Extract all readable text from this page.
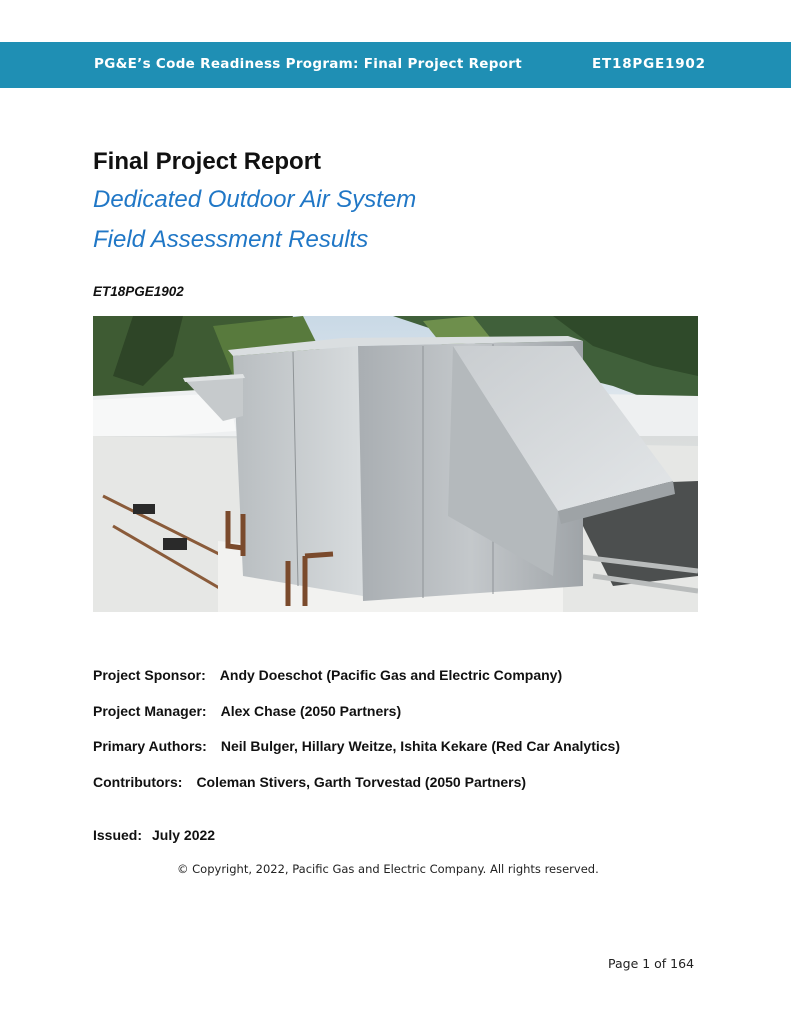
PG&E’s Code Readiness Program: Final Project Report	ET18PGE1902
Final Project Report
Dedicated Outdoor Air System
Field Assessment Results
ET18PGE1902
Project Sponsor: Andy Doeschot (Pacific Gas and Electric Company)
Project Manager: Alex Chase (2050 Partners)
Primary Authors: Neil Bulger, Hillary Weitze, Ishita Kekare (Red Car Analytics)
Contributors: Coleman Stivers, Garth Torvestad (2050 Partners)
Issued: July 2022
© Copyright, 2022, Pacific Gas and Electric Company. All rights reserved.
Page 1 of 164
